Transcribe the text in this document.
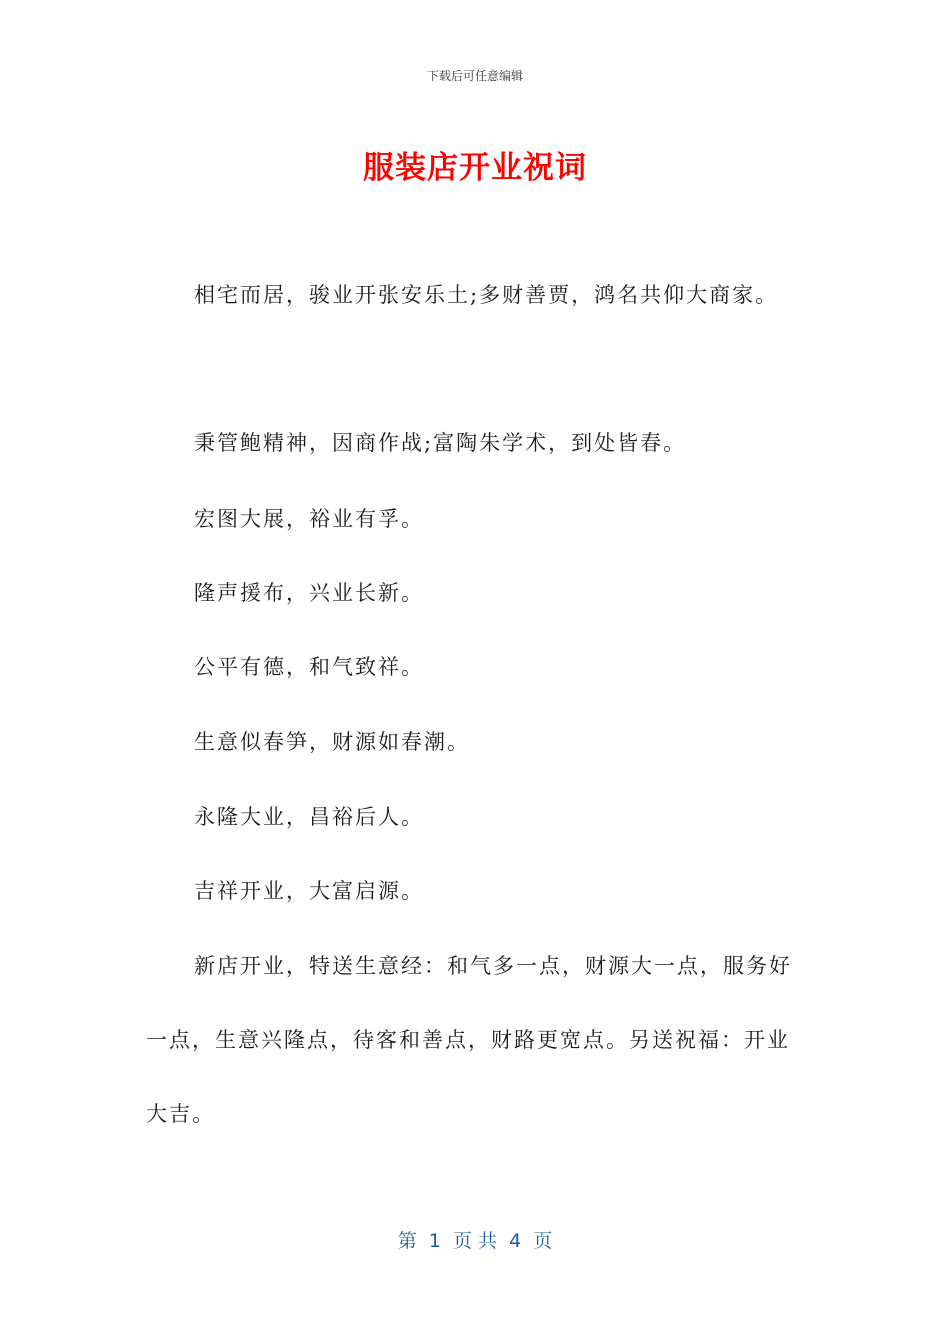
下载后可任意编辑
服装店开业祝词

相宅而居，骏业开张安乐土;多财善贾，鸿名共仰大商家。

秉管鲍精神，因商作战;富陶朱学术，到处皆春。

宏图大展，裕业有孚。

隆声援布，兴业长新。

公平有德，和气致祥。

生意似春笋，财源如春潮。

永隆大业，昌裕后人。

吉祥开业，大富启源。

新店开业，特送生意经：和气多一点，财源大一点，服务好一点，生意兴隆点，待客和善点，财路更宽点。另送祝福：开业大吉。

第  1  页 共  4  页
